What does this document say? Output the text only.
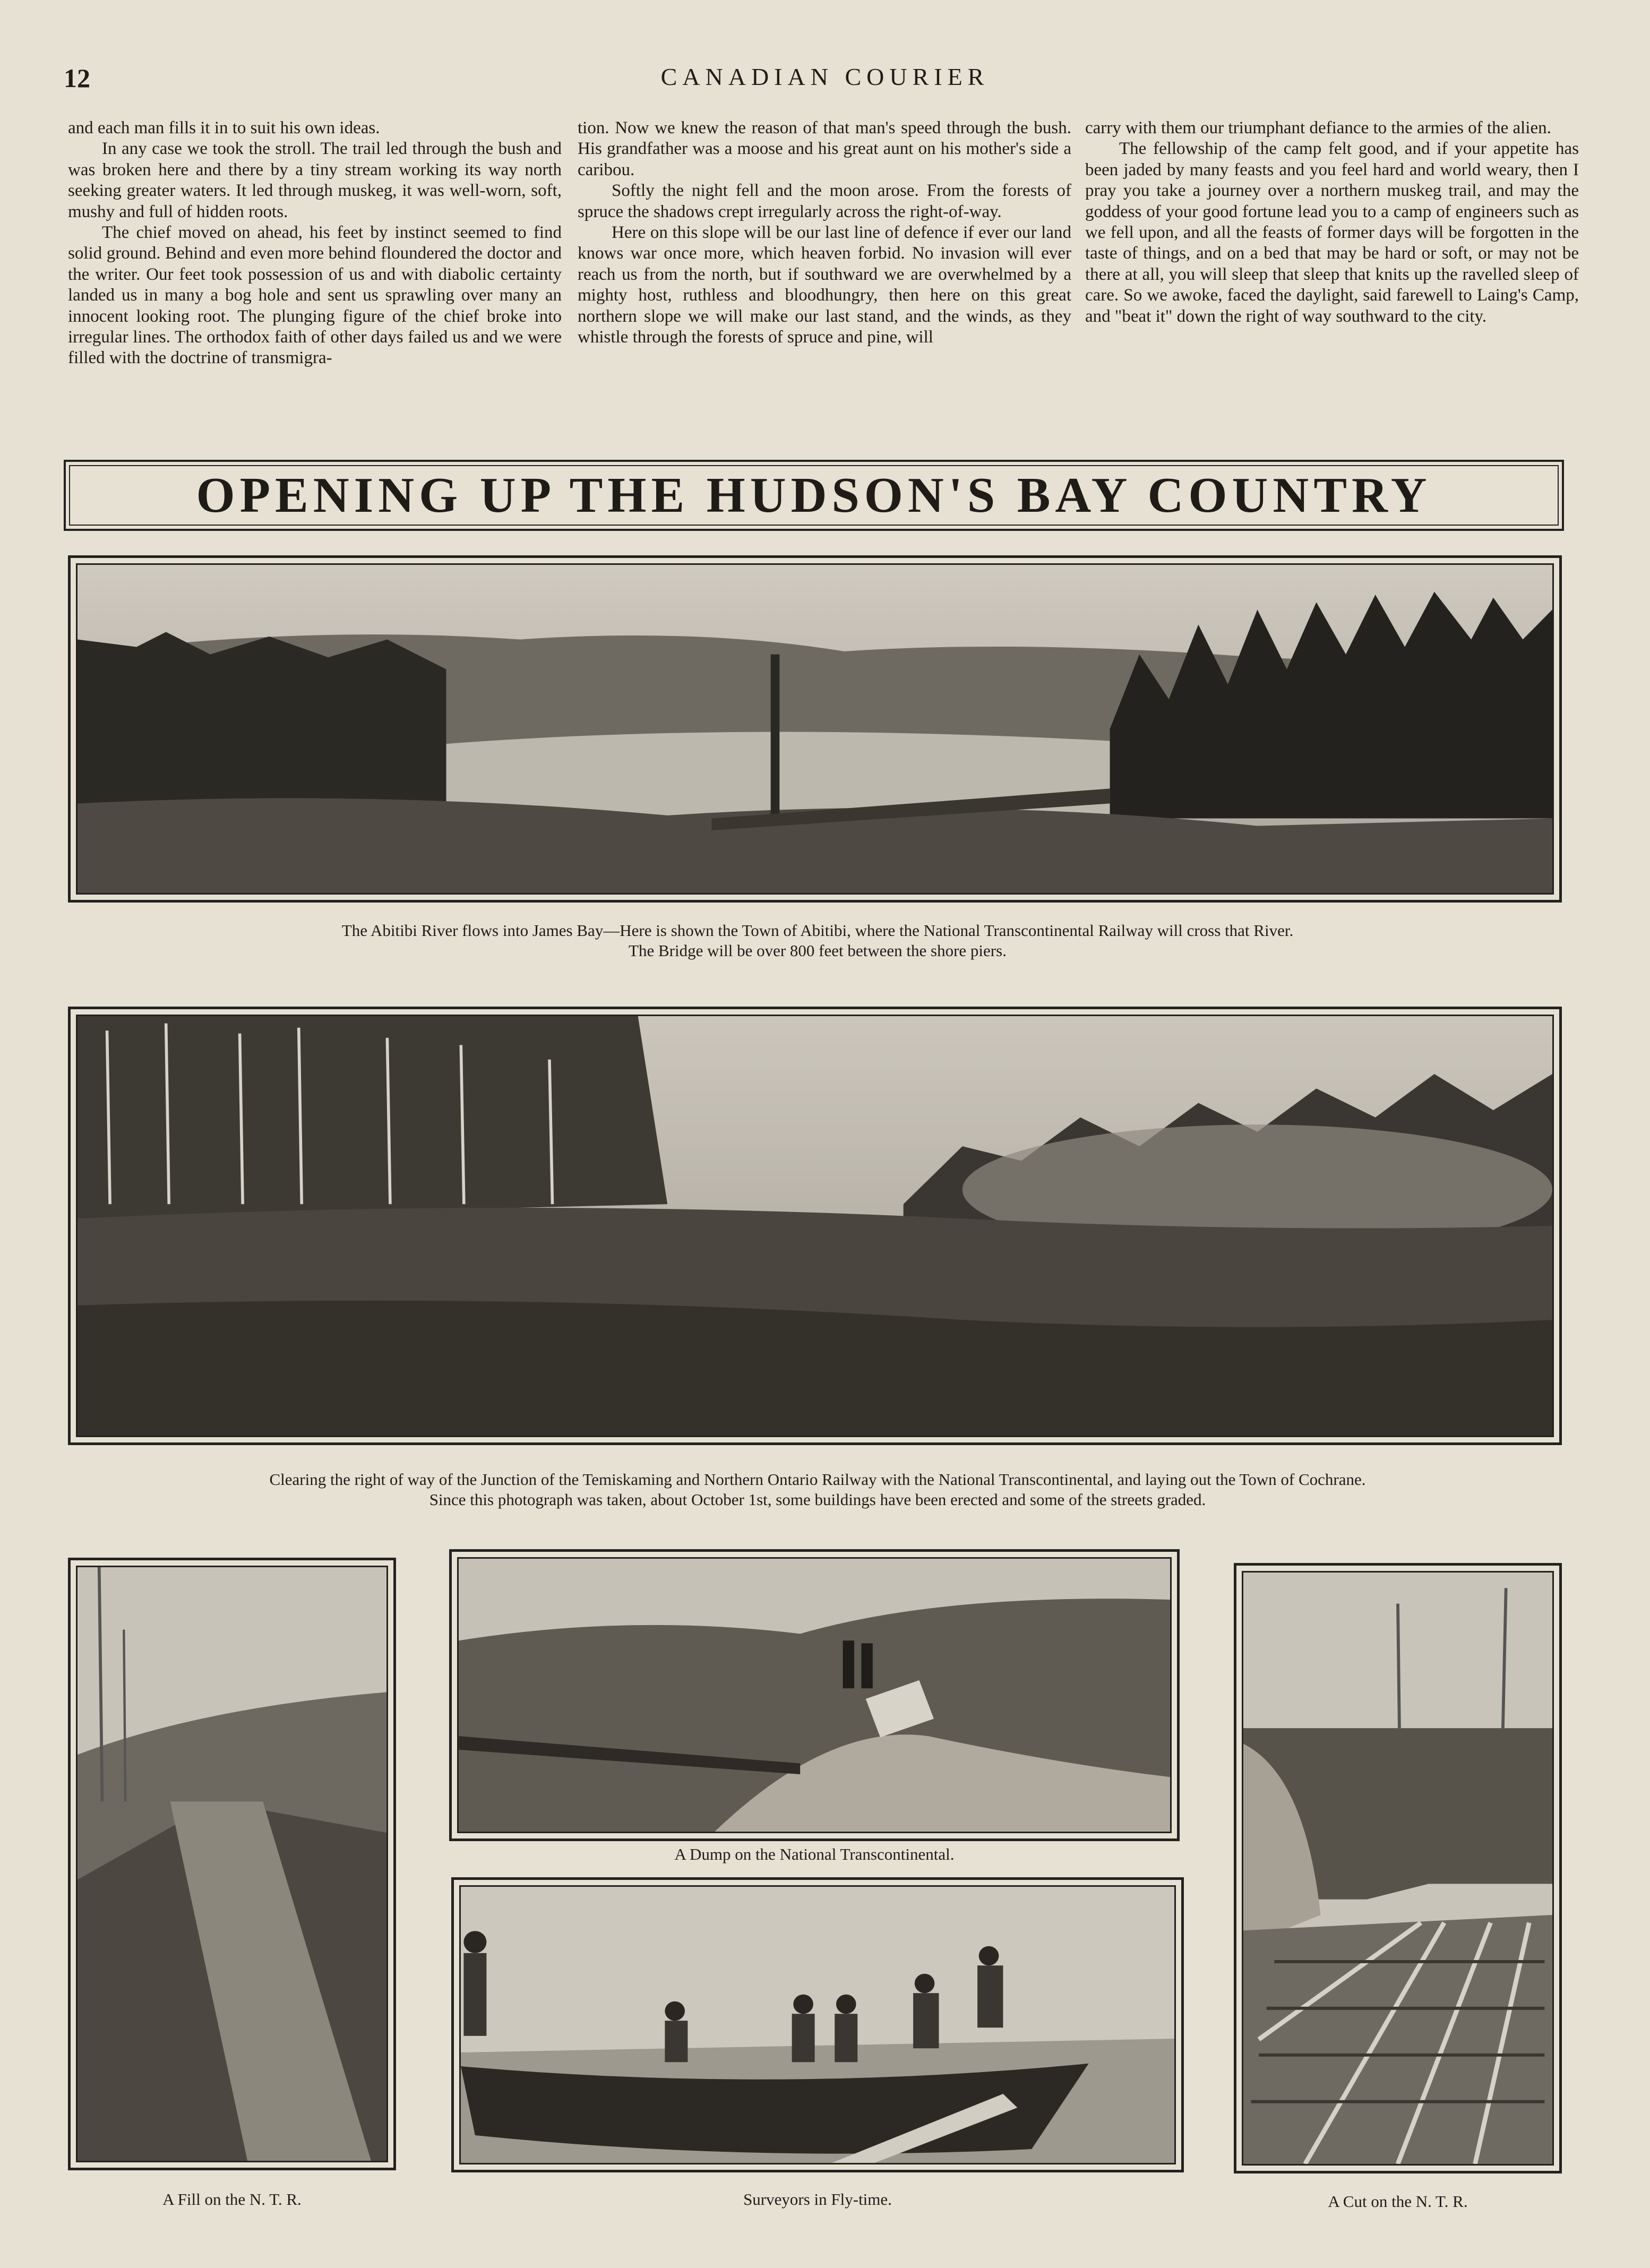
12	CANADIAN COURIER

and each man fills it in to suit his own ideas.

In any case we took the stroll. The trail led through the bush and was broken here and there by a tiny stream working its way north seeking greater waters. It led through muskeg, it was well-worn, soft, mushy and full of hidden roots.

The chief moved on ahead, his feet by instinct seemed to find solid ground. Behind and even more behind floundered the doctor and the writer. Our feet took possession of us and with diabolic certainty landed us in many a bog hole and sent us sprawling over many an innocent looking root. The plunging figure of the chief broke into irregular lines. The orthodox faith of other days failed us and we were filled with the doctrine of transmigra-

tion. Now we knew the reason of that man's speed through the bush. His grandfather was a moose and his great aunt on his mother's side a caribou.

Softly the night fell and the moon arose. From the forests of spruce the shadows crept irregularly across the right-of-way.

Here on this slope will be our last line of defence if ever our land knows war once more, which heaven forbid. No invasion will ever reach us from the north, but if southward we are overwhelmed by a mighty host, ruthless and bloodhungry, then here on this great northern slope we will make our last stand, and the winds, as they whistle through the forests of spruce and pine, will

carry with them our triumphant defiance to the armies of the alien.

The fellowship of the camp felt good, and if your appetite has been jaded by many feasts and you feel hard and world weary, then I pray you take a journey over a northern muskeg trail, and may the goddess of your good fortune lead you to a camp of engineers such as we fell upon, and all the feasts of former days will be forgotten in the taste of things, and on a bed that may be hard or soft, or may not be there at all, you will sleep that sleep that knits up the ravelled sleep of care. So we awoke, faced the daylight, said farewell to Laing's Camp, and "beat it" down the right of way southward to the city.

OPENING UP THE HUDSON'S BAY COUNTRY
The Abitibi River flows into James Bay—Here is shown the Town of Abitibi, where the National Transcontinental Railway will cross that River.
The Bridge will be over 800 feet between the shore piers.
Clearing the right of way of the Junction of the Temiskaming and Northern Ontario Railway with the National Transcontinental, and laying out the Town of Cochrane.
Since this photograph was taken, about October 1st, some buildings have been erected and some of the streets graded.
A Fill on the N. T. R.
A Dump on the National Transcontinental.
Surveyors in Fly-time.	A Cut on the N. T. R.
